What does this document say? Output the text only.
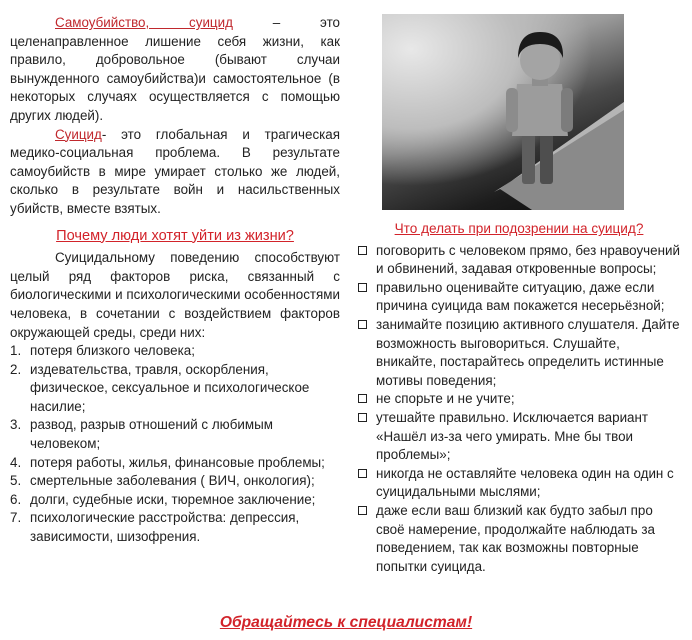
Самоубийство, суицид – это целенаправленное лишение себя жизни, как правило, добровольное (бывают случаи вынужденного самоубийства)и самостоятельное (в некоторых случаях осуществляется с помощью других людей).

Суицид- это глобальная и трагическая медико-социальная проблема. В результате самоубийств в мире умирает столько же людей, сколько в результате войн и насильственных убийств, вместе взятых.

Почему люди хотят уйти из жизни?

Суицидальному поведению способствуют целый ряд факторов риска, связанный с биологическими и психологическими особенностями человека, в сочетании с воздействием факторов окружающей среды, среди них:

1. потеря близкого человека;
2. издевательства, травля, оскорбления, физическое, сексуальное и психологическое насилие;
3. развод, разрыв отношений с любимым человеком;
4. потеря работы, жилья, финансовые проблемы;
5. смертельные заболевания ( ВИЧ, онкология);
6. долги, судебные иски, тюремное заключение;
7. психологические расстройства: депрессия, зависимости, шизофрения.
Что делать при подозрении на суицид?
поговорить с человеком прямо, без нравоучений и обвинений, задавая откровенные вопросы;
правильно оценивайте ситуацию, даже если причина суицида вам покажется несерьёзной;
занимайте позицию активного слушателя. Дайте возможность выговориться. Слушайте, вникайте, постарайтесь определить истинные мотивы поведения;
не спорьте и не учите;
утешайте правильно. Исключается вариант «Нашёл из-за чего умирать. Мне бы твои проблемы»;
никогда не оставляйте человека один на один с суицидальными мыслями;
даже если ваш близкий как будто забыл про своё намерение, продолжайте наблюдать за поведением, так как возможны повторные попытки суицида.
Обращайтесь к специалистам!
